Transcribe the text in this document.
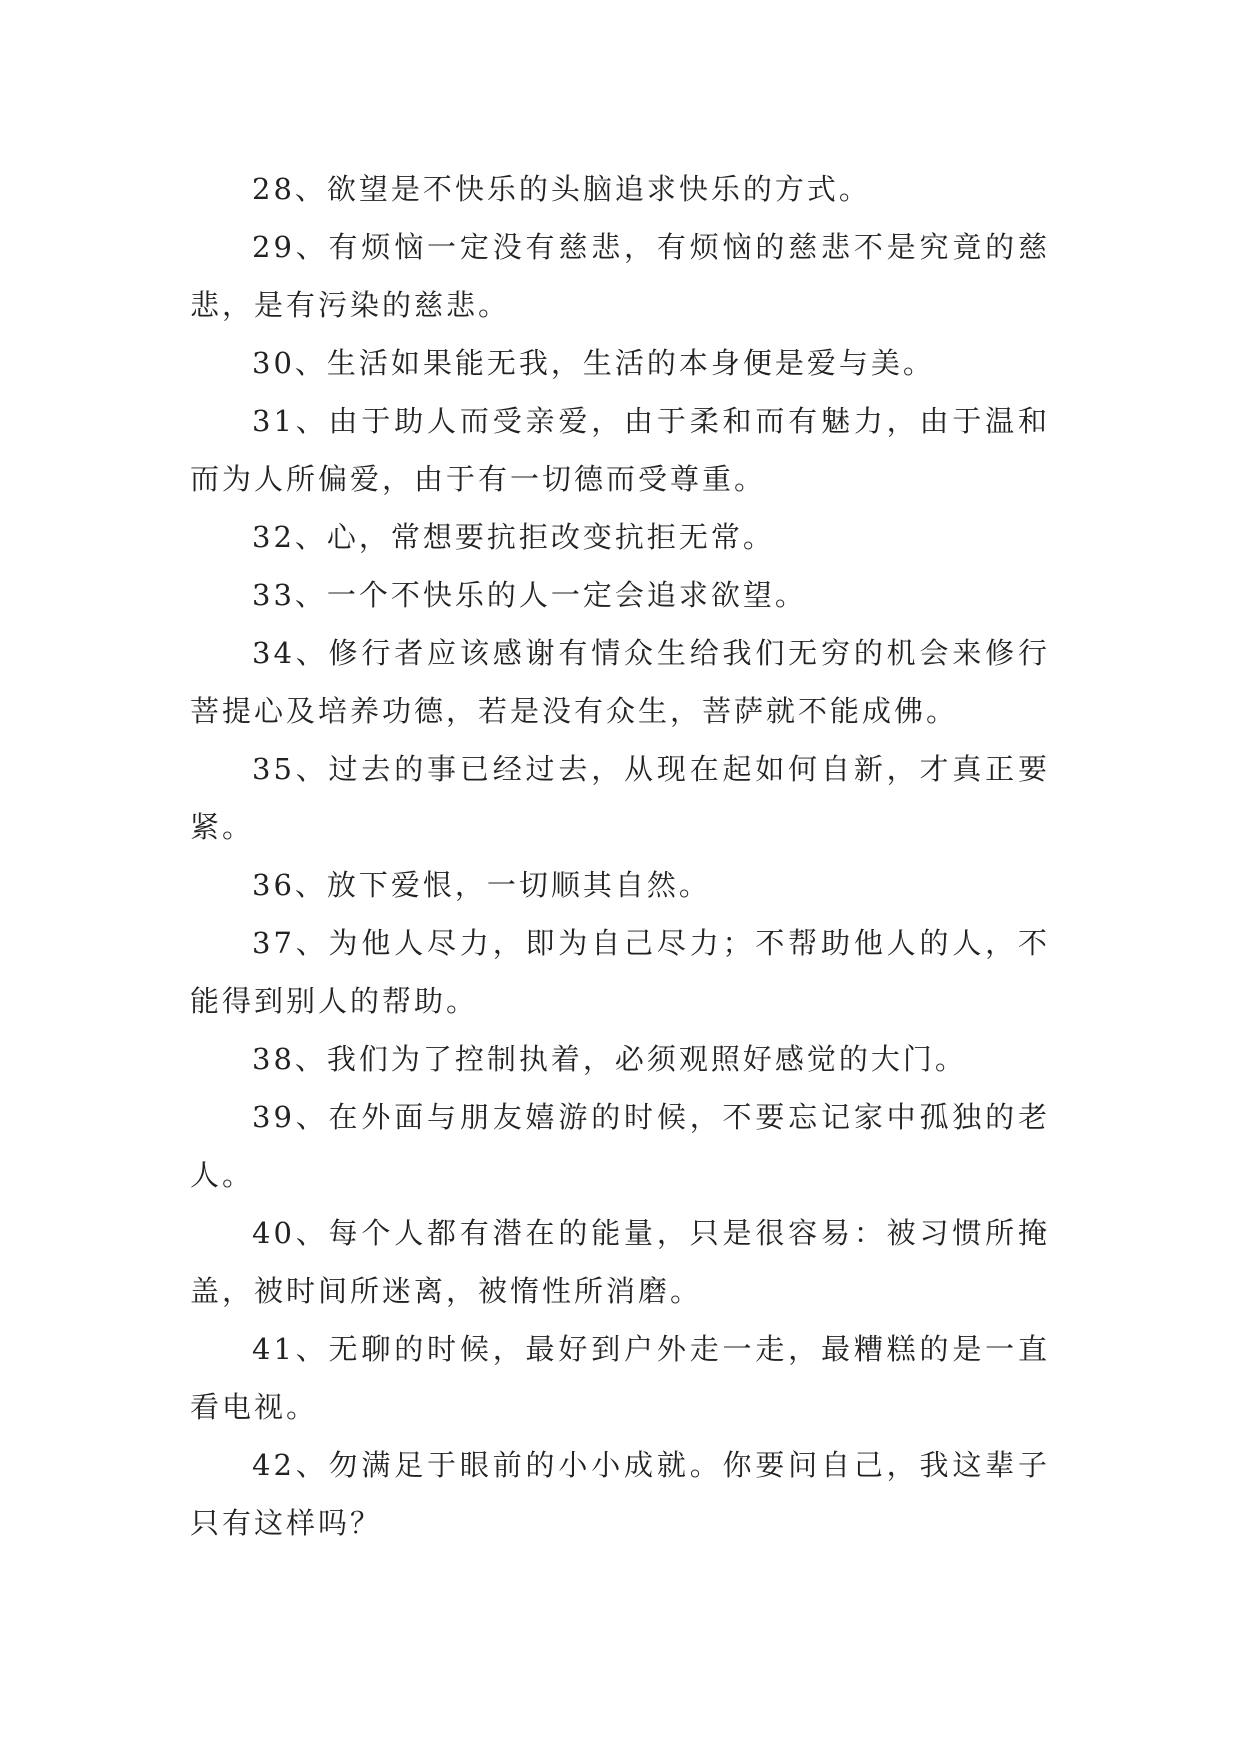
28、欲望是不快乐的头脑追求快乐的方式。

29、有烦恼一定没有慈悲，有烦恼的慈悲不是究竟的慈悲，是有污染的慈悲。

30、生活如果能无我，生活的本身便是爱与美。

31、由于助人而受亲爱，由于柔和而有魅力，由于温和而为人所偏爱，由于有一切德而受尊重。

32、心，常想要抗拒改变抗拒无常。

33、一个不快乐的人一定会追求欲望。

34、修行者应该感谢有情众生给我们无穷的机会来修行菩提心及培养功德，若是没有众生，菩萨就不能成佛。

35、过去的事已经过去，从现在起如何自新，才真正要紧。

36、放下爱恨，一切顺其自然。

37、为他人尽力，即为自己尽力；不帮助他人的人，不能得到别人的帮助。

38、我们为了控制执着，必须观照好感觉的大门。

39、在外面与朋友嬉游的时候，不要忘记家中孤独的老人。

40、每个人都有潜在的能量，只是很容易：被习惯所掩盖，被时间所迷离，被惰性所消磨。

41、无聊的时候，最好到户外走一走，最糟糕的是一直看电视。

42、勿满足于眼前的小小成就。你要问自己，我这辈子只有这样吗？
